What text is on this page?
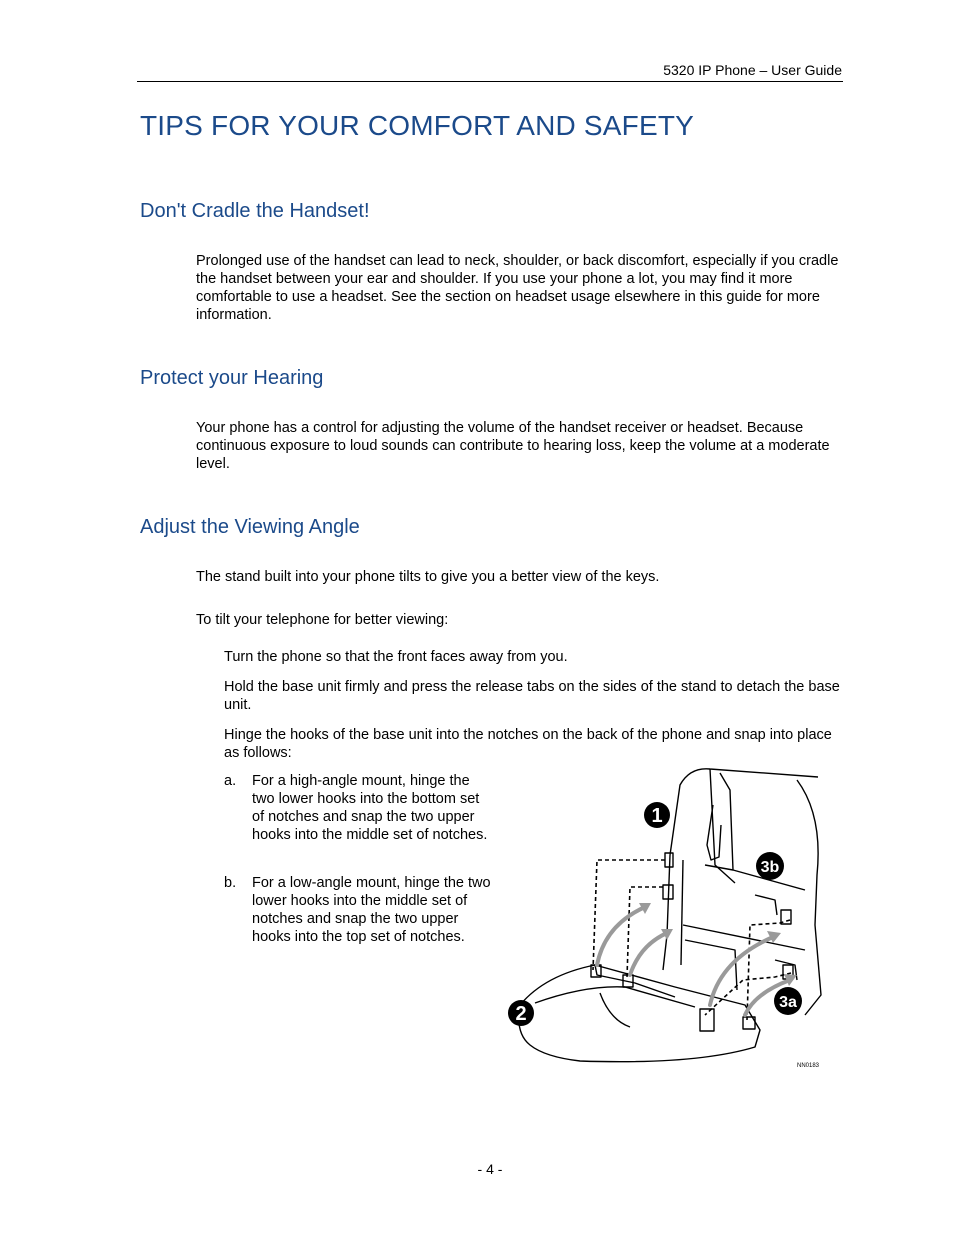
5320 IP Phone – User Guide
TIPS FOR YOUR COMFORT AND SAFETY
Don't Cradle the Handset!

Prolonged use of the handset can lead to neck, shoulder, or back discomfort, especially if you cradle the handset between your ear and shoulder. If you use your phone a lot, you may find it more comfortable to use a headset. See the section on headset usage elsewhere in this guide for more information.

Protect your Hearing

Your phone has a control for adjusting the volume of the handset receiver or headset. Because continuous exposure to loud sounds can contribute to hearing loss, keep the volume at a moderate level.

Adjust the Viewing Angle

The stand built into your phone tilts to give you a better view of the keys.

To tilt your telephone for better viewing:

Turn the phone so that the front faces away from you.

Hold the base unit firmly and press the release tabs on the sides of the stand to detach the base unit.

Hinge the hooks of the base unit into the notches on the back of the phone and snap into place as follows:

a. For a high-angle mount, hinge the two lower hooks into the bottom set of notches and snap the two upper hooks into the middle set of notches.
b. For a low-angle mount, hinge the two lower hooks into the middle set of notches and snap the two upper hooks into the top set of notches.
1
2
3a
3b
NN0183
- 4 -
